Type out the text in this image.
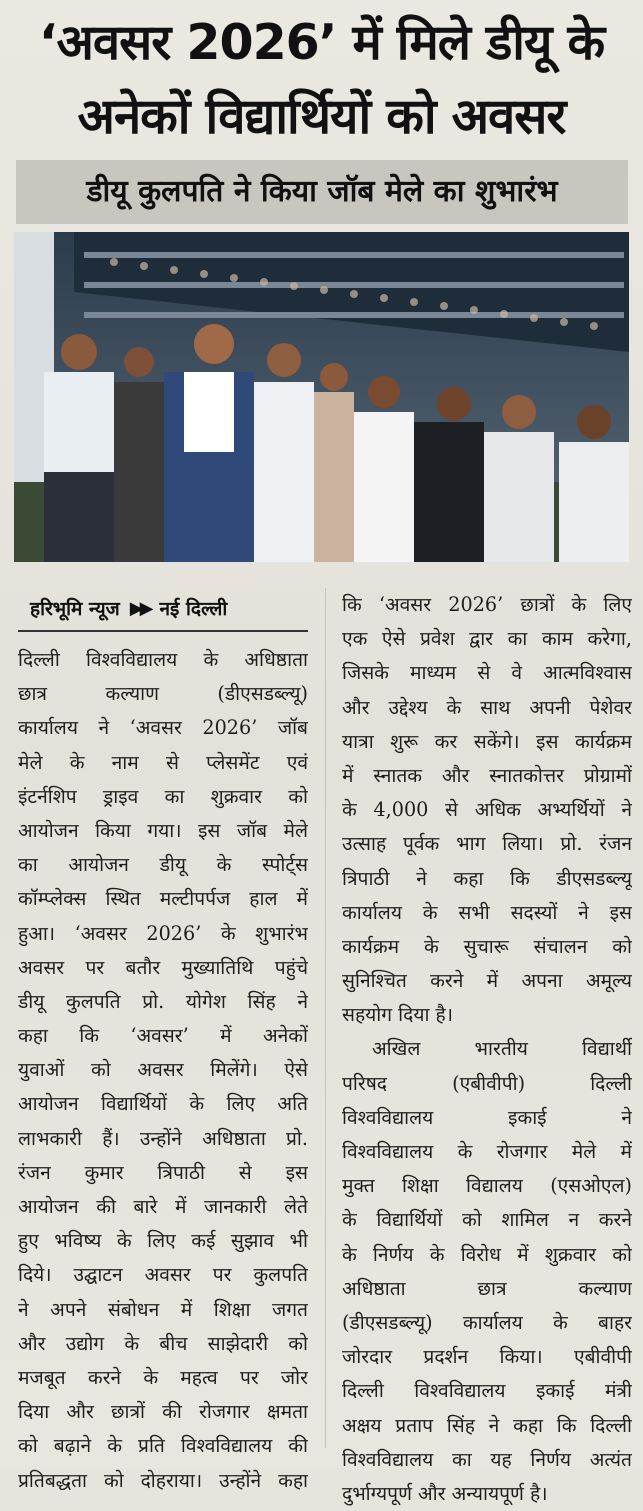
‘अवसर 2026’ में मिले डीयू के
अनेकों विद्यार्थियों को अवसर
डीयू कुलपति ने किया जॉब मेले का शुभारंभ
हरिभूमि न्यूज ▶▶ नई दिल्ली
दिल्ली विश्वविद्यालय के अधिष्ठाता
छात्र कल्याण (डीएसडब्ल्यू)
कार्यालय ने ‘अवसर 2026’ जॉब
मेले के नाम से प्लेसमेंट एवं
इंटर्नशिप ड्राइव का शुक्रवार को
आयोजन किया गया। इस जॉब मेले
का आयोजन डीयू के स्पोर्ट्स
कॉम्प्लेक्स स्थित मल्टीपर्पज हाल में
हुआ। ‘अवसर 2026’ के शुभारंभ
अवसर पर बतौर मुख्यातिथि पहुंचे
डीयू कुलपति प्रो. योगेश सिंह ने
कहा कि ‘अवसर’ में अनेकों
युवाओं को अवसर मिलेंगे। ऐसे
आयोजन विद्यार्थियों के लिए अति
लाभकारी हैं। उन्होंने अधिष्ठाता प्रो.
रंजन कुमार त्रिपाठी से इस
आयोजन की बारे में जानकारी लेते
हुए भविष्य के लिए कई सुझाव भी
दिये। उद्घाटन अवसर पर कुलपति
ने अपने संबोधन में शिक्षा जगत
और उद्योग के बीच साझेदारी को
मजबूत करने के महत्व पर जोर
दिया और छात्रों की रोजगार क्षमता
को बढ़ाने के प्रति विश्वविद्यालय की
प्रतिबद्धता को दोहराया। उन्होंने कहा
कि ‘अवसर 2026’ छात्रों के लिए
एक ऐसे प्रवेश द्वार का काम करेगा,
जिसके माध्यम से वे आत्मविश्वास
और उद्देश्य के साथ अपनी पेशेवर
यात्रा शुरू कर सकेंगे। इस कार्यक्रम
में स्नातक और स्नातकोत्तर प्रोग्रामों
के 4,000 से अधिक अभ्यर्थियों ने
उत्साह पूर्वक भाग लिया। प्रो. रंजन
त्रिपाठी ने कहा कि डीएसडब्ल्यू
कार्यालय के सभी सदस्यों ने इस
कार्यक्रम के सुचारू संचालन को
सुनिश्चित करने में अपना अमूल्य
सहयोग दिया है।
अखिल भारतीय विद्यार्थी
परिषद (एबीवीपी) दिल्ली
विश्वविद्यालय इकाई ने
विश्वविद्यालय के रोजगार मेले में
मुक्त शिक्षा विद्यालय (एसओएल)
के विद्यार्थियों को शामिल न करने
के निर्णय के विरोध में शुक्रवार को
अधिष्ठाता छात्र कल्याण
(डीएसडब्ल्यू) कार्यालय के बाहर
जोरदार प्रदर्शन किया। एबीवीपी
दिल्ली विश्वविद्यालय इकाई मंत्री
अक्षय प्रताप सिंह ने कहा कि दिल्ली
विश्वविद्यालय का यह निर्णय अत्यंत
दुर्भाग्यपूर्ण और अन्यायपूर्ण है।
